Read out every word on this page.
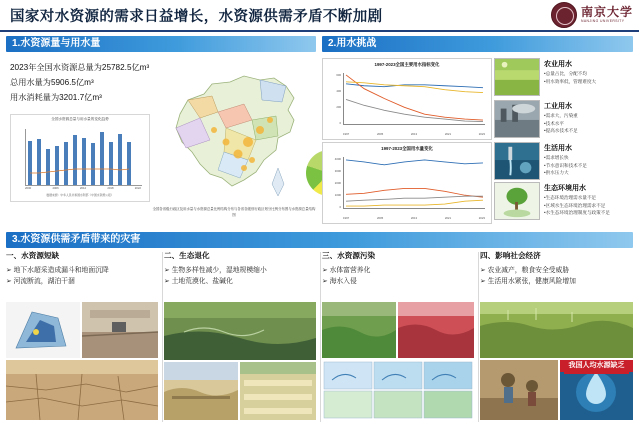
国家对水资源的需求日益增长，水资源供需矛盾不断加剧	南京大学
NANJING UNIVERSITY
1.水资源量与用水量
2023年全国水资源总量为25782.5亿m³
总用水量为5906.5亿m³
用水消耗量为3201.7亿m³
全国水资源总量与用水量的变化趋势
2000	2006	2012	2018	2022
数据来源：中华人民共和国水利部《中国水资源公报》
全国各省级行政区及用水量与水资源总量比例结构分布与各省各级别行政区划分比例分布图与水资源总量结构图
2.用水挑战
1997-2023全国主要用水指标变化
600
400
200
0
1997	2005	2013	2021	2023
1997-2023全国用水量变化
4000
3000
2000
1000
0
1997	2005	2013	2021	2023
农业用水
•总量占比，分配不均
•用水效率低，管理难度大
工业用水
•需求大，污染重
•技术水平
•提高水技术不足
生活用水
•需求增长快
•节水意识和技术不足
•供水压力大
生态环境用水
•生态环境治理需水量不足
•区域水生态环境治理需求不足
•水生态环境治理制度与政策不足
3.水资源供需矛盾带来的灾害
一、水资源短缺
➢ 地下水超采造成漏斗和地面沉降
➢ 河流断流，湖泊干涸
二、生态退化
➢ 生物多样性减少，湿地规模缩小
➢ 土地荒漠化、盐碱化
三、水资源污染
➢ 水体富营养化
➢ 海水入侵
四、影响社会经济
➢ 农业减产，粮食安全受威胁
➢ 生活用水紧张，健康风险增加
我国人均水源缺乏
